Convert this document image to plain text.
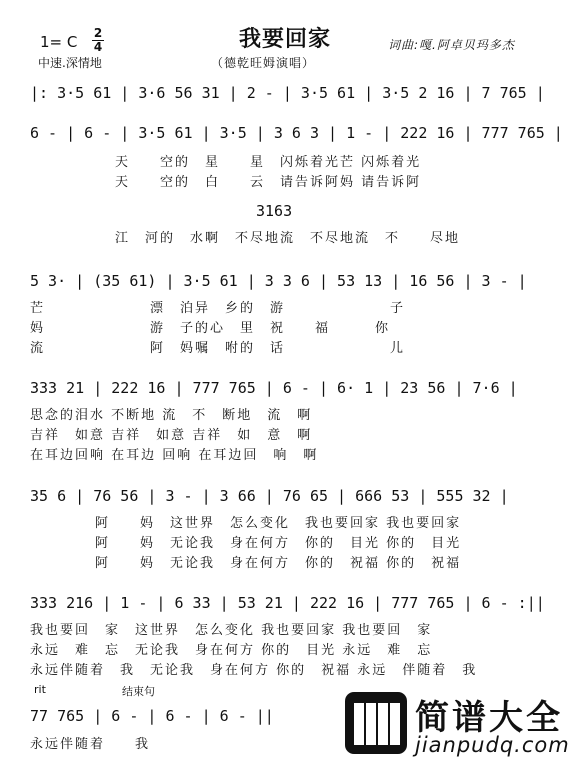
我要回家
1= C 2
4
中速.深情地	（德乾旺姆演唱）
词曲:嘎.阿卓贝玛多杰
|: 3·5 61 | 3·6 56 31 | 2 - | 3·5 61 | 3·5 2 16 | 7 765 |
6 - | 6 - | 3·5 61 | 3·5 | 3 6 3 | 1 - | 222 16 | 777 765 |
天　　空的　星　　星　闪烁着光芒 闪烁着光
天　　空的　白　　云　请告诉阿妈 请告诉阿
3163
江　河的　水啊　不尽地流　不尽地流　不　　尽地
5 3· | (35 61) | 3·5 61 | 3 3 6 | 53 13 | 16 56 | 3 - |
芒　　　　　　　漂　泊异　乡的　游　　　　　　　子
妈　　　　　　　游　子的心　里　祝　　福　　　你
流　　　　　　　阿　妈嘱　咐的　话　　　　　　　儿
333 21 | 222 16 | 777 765 | 6 - | 6· 1 | 23 56 | 7·6 |
思念的泪水 不断地 流　不　断地　流　啊
吉祥　如意 吉祥　如意 吉祥　如　意　啊
在耳边回响 在耳边 回响 在耳边回　响　啊
35 6 | 76 56 | 3 - | 3 66 | 76 65 | 666 53 | 555 32 |
阿　　妈　这世界　怎么变化　我也要回家 我也要回家
阿　　妈　无论我　身在何方　你的　目光 你的　目光
阿　　妈　无论我　身在何方　你的　祝福 你的　祝福
333 216 | 1 - | 6 33 | 53 21 | 222 16 | 777 765 | 6 - :||
我也要回　家　这世界　怎么变化 我也要回家 我也要回　家
永远　难　忘　无论我　身在何方 你的　目光 永远　难　忘
永远伴随着　我　无论我　身在何方 你的　祝福 永远　伴随着　我
rit	结束句
77 765 | 6 - | 6 - | 6 - ||
永远伴随着　　我
简谱大全
jianpudq.com
